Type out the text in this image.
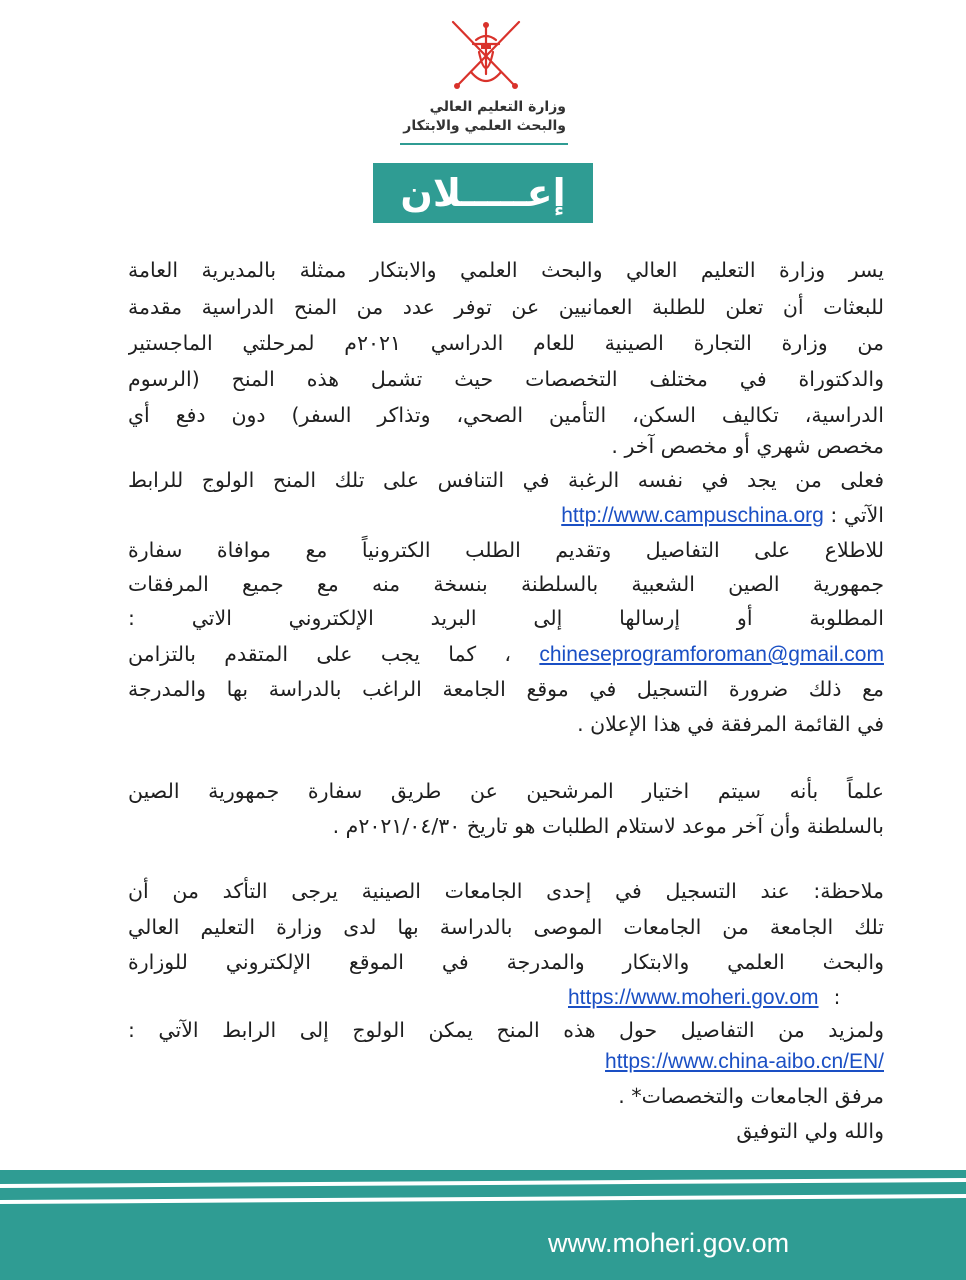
وزارة التعليم العالي
والبحث العلمي والابتكار
إعـــــلان
يسر وزارة التعليم العالي والبحث العلمي والابتكار ممثلة بالمديرية العامة
للبعثات أن تعلن للطلبة العمانيين عن توفر عدد من المنح الدراسية مقدمة
من وزارة التجارة الصينية للعام الدراسي ٢٠٢١م لمرحلتي الماجستير
والدكتوراة في مختلف التخصصات حيث تشمل هذه المنح (الرسوم
الدراسية، تكاليف السكن، التأمين الصحي، وتذاكر السفر) دون دفع أي
مخصص شهري أو مخصص آخر .
فعلى من يجد في نفسه الرغبة في التنافس على تلك المنح الولوج للرابط
الآتي : http://www.campuschina.org
للاطلاع على التفاصيل وتقديم الطلب الكترونياً مع موافاة سفارة
جمهورية الصين الشعبية بالسلطنة بنسخة منه مع جميع المرفقات
المطلوبة أو إرسالها إلى البريد الإلكتروني الاتي :
chineseprogramforoman@gmail.com ، كما يجب على المتقدم بالتزامن
مع ذلك ضرورة التسجيل في موقع الجامعة الراغب بالدراسة بها والمدرجة
في القائمة المرفقة في هذا الإعلان .
علماً بأنه سيتم اختيار المرشحين عن طريق سفارة جمهورية الصين
بالسلطنة وأن آخر موعد لاستلام الطلبات هو تاريخ ٢٠٢١/٠٤/٣٠م .
ملاحظة: عند التسجيل في إحدى الجامعات الصينية يرجى التأكد من أن
تلك الجامعة من الجامعات الموصى بالدراسة بها لدى وزارة التعليم العالي
والبحث العلمي والابتكار والمدرجة في الموقع الإلكتروني للوزارة
https://www.moheri.gov.om :
ولمزيد من التفاصيل حول هذه المنح يمكن الولوج إلى الرابط الآتي :
https://www.china-aibo.cn/EN/
مرفق الجامعات والتخصصات* .
والله ولي التوفيق
www.moheri.gov.om
